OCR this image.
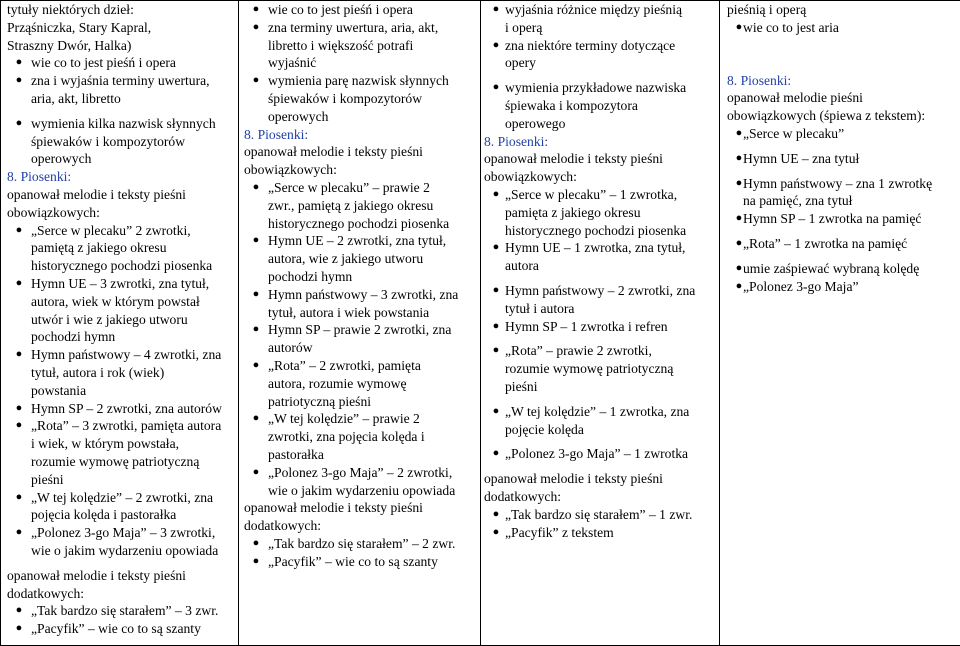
tytuły niektórych dzieł:
Prząśniczka, Stary Kapral,
Straszny Dwór, Halka)
● wie co to jest pieśń i opera
● zna i wyjaśnia terminy uwertura,
aria, akt, libretto
● wymienia kilka nazwisk słynnych
śpiewaków i kompozytorów
operowych
8. Piosenki:
opanował melodie i teksty pieśni
obowiązkowych:
● „Serce w plecaku” 2 zwrotki,
pamiętą z jakiego okresu
historycznego pochodzi piosenka
● Hymn UE – 3 zwrotki, zna tytuł,
autora, wiek w którym powstał
utwór i wie z jakiego utworu
pochodzi hymn
● Hymn państwowy – 4 zwrotki, zna
tytuł, autora i rok (wiek)
powstania
● Hymn SP – 2 zwrotki, zna autorów
● „Rota” – 3 zwrotki, pamięta autora
i wiek, w którym powstała,
rozumie wymowę patriotyczną
pieśni
● „W tej kolędzie” – 2 zwrotki, zna
pojęcia kolęda i pastorałka
● „Polonez 3-go Maja” – 3 zwrotki,
wie o jakim wydarzeniu opowiada
opanował melodie i teksty pieśni
dodatkowych:
● „Tak bardzo się starałem” – 3 zwr.
● „Pacyfik” – wie co to są szanty

● wie co to jest pieśń i opera
● zna terminy uwertura, aria, akt,
libretto i większość potrafi
wyjaśnić
● wymienia parę nazwisk słynnych
śpiewaków i kompozytorów
operowych
8. Piosenki:
opanował melodie i teksty pieśni
obowiązkowych:
● „Serce w plecaku” – prawie 2
zwr., pamiętą z jakiego okresu
historycznego pochodzi piosenka
● Hymn UE – 2 zwrotki, zna tytuł,
autora, wie z jakiego utworu
pochodzi hymn
● Hymn państwowy – 3 zwrotki, zna
tytuł, autora i wiek powstania
● Hymn SP – prawie 2 zwrotki, zna
autorów
● „Rota” – 2 zwrotki, pamięta
autora, rozumie wymowę
patriotyczną pieśni
● „W tej kolędzie” – prawie 2
zwrotki, zna pojęcia kolęda i
pastorałka
● „Polonez 3-go Maja” – 2 zwrotki,
wie o jakim wydarzeniu opowiada
opanował melodie i teksty pieśni
dodatkowych:
● „Tak bardzo się starałem” – 2 zwr.
● „Pacyfik” – wie co to są szanty

● wyjaśnia różnice między pieśnią
i operą
● zna niektóre terminy dotyczące
opery
● wymienia przykładowe nazwiska
śpiewaka i kompozytora
operowego
8. Piosenki:
opanował melodie i teksty pieśni
obowiązkowych:
● „Serce w plecaku” – 1 zwrotka,
pamięta z jakiego okresu
historycznego pochodzi piosenka
● Hymn UE – 1 zwrotka, zna tytuł,
autora
● Hymn państwowy – 2 zwrotki, zna
tytuł i autora
● Hymn SP – 1 zwrotka i refren
● „Rota” – prawie 2 zwrotki,
rozumie wymowę patriotyczną
pieśni
● „W tej kolędzie” – 1 zwrotka, zna
pojęcie kolęda
● „Polonez 3-go Maja” – 1 zwrotka
opanował melodie i teksty pieśni
dodatkowych:
● „Tak bardzo się starałem” – 1 zwr.
● „Pacyfik” z tekstem

pieśnią i operą
● wie co to jest aria
8. Piosenki:
opanował melodie pieśni
obowiązkowych (śpiewa z tekstem):
● „Serce w plecaku”
● Hymn UE – zna tytuł
● Hymn państwowy – zna 1 zwrotkę
na pamięć, zna tytuł
● Hymn SP – 1 zwrotka na pamięć
● „Rota” – 1 zwrotka na pamięć
● umie zaśpiewać wybraną kolędę
● „Polonez 3-go Maja”
